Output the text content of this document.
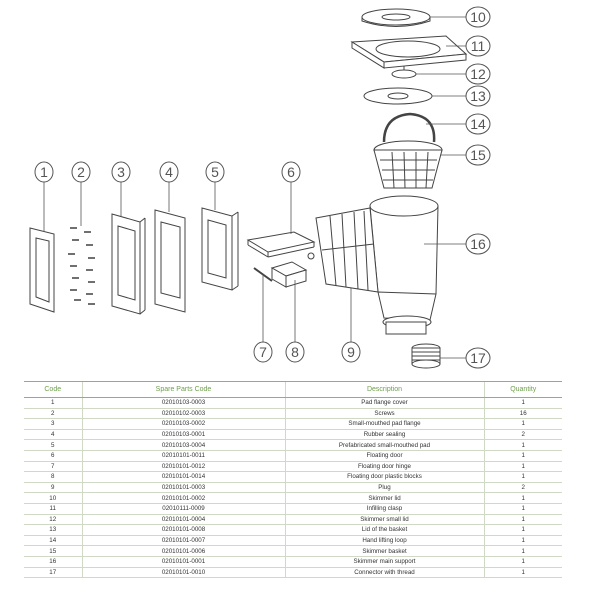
1 2 3	4	5	6
7 8	9
10
11
12
13
14
15
16
17
Code	Spare Parts Code	Description	Quantity
1	02010103-0003	Pad flange cover	1
2	02010102-0003	Screws	16
3	02010103-0002	Small-mouthed pad flange	1
4	02010103-0001	Rubber sealing	2
5	02010103-0004	Prefabricated small-mouthed pad	1
6	02010101-0011	Floating door	1
7	02010101-0012	Floating door hinge	1
8	02010101-0014	Floating door plastic blocks	1
9	02010101-0003	Plug	2
10	02010101-0002	Skimmer lid	1
11	02010111-0009	Infilling clasp	1
12	02010101-0004	Skimmer small lid	1
13	02010101-0008	Lid of the basket	1
14	02010101-0007	Hand lifting loop	1
15	02010101-0006	Skimmer basket	1
16	02010101-0001	Skimmer main support	1
17	02010101-0010	Connector with thread	1
